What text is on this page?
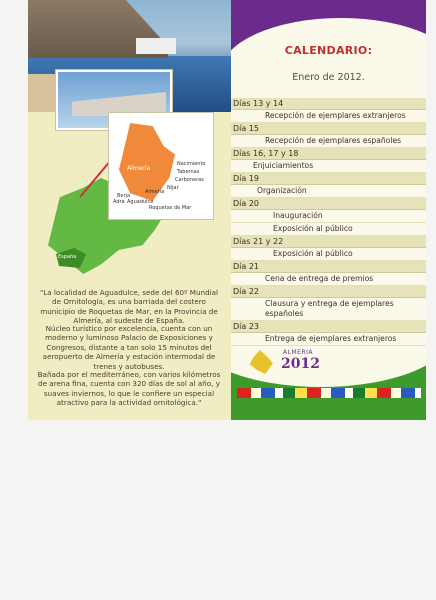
España
Almería
Nacimiento
Tabernas
Carboneras
Níjar
Almería
Berja
Adra Aguadulce
Roquetas de Mar
"La localidad de Aguadulce, sede del 60º Mundial de Ornitología, es una barriada del costero municipio de Roquetas de Mar, en la Provincia de Almería, al sudeste de España.
Núcleo turístico por excelencia, cuenta con un moderno y luminoso Palacio de Exposiciones y Congresos, distante a tan solo 15 minutos del aeropuerto de Almería y estación intermodal de trenes y autobuses.
Bañada por el mediterráneo, con varios kilómetros de arena fina, cuenta con 320 días de sol al año, y suaves inviernos, lo que le confiere un especial atractivo para la actividad ornitológica."
CALENDARIO:
Enero de 2012.
Días 13 y 14
Recepción de ejemplares extranjeros
Día 15
Recepción de ejemplares españoles
Días 16, 17 y 18
Enjuiciamientos
Día 19
Organización
Día 20
Inauguración
Exposición al público
Días 21 y 22
Exposición al público
Día 21
Cena de entrega de premios
Día 22
Clausura y entrega de ejemplares españoles
Día 23
Entrega de ejemplares extranjeros
ALMERIA
2012
